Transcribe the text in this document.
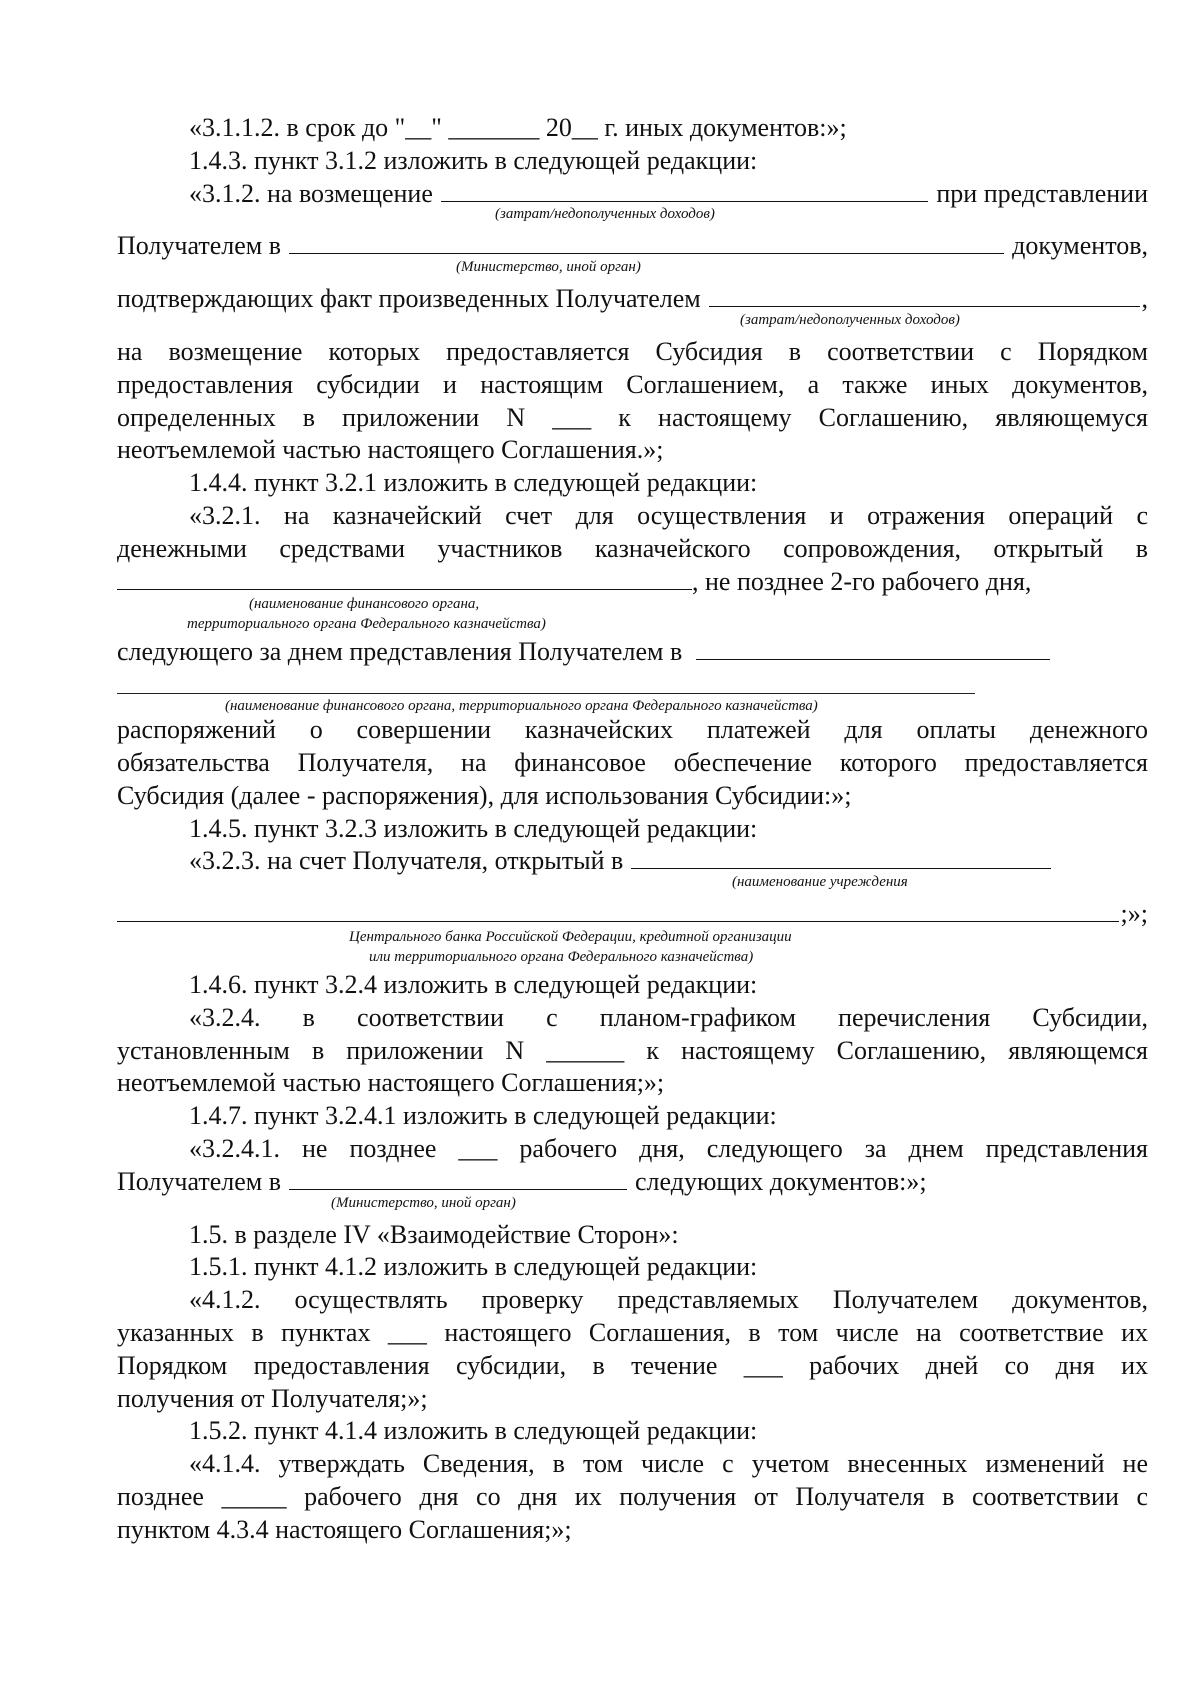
«3.1.1.2. в срок до "__" _______ 20__ г. иных документов:»;
1.4.3. пункт 3.1.2 изложить в следующей редакции:
«3.1.2. на возмещение	при представлении
(затрат/недополученных доходов)
Получателем в	документов,
(Министерство, иной орган)
подтверждающих факт произведенных Получателем	,
(затрат/недополученных доходов)
на возмещение которых предоставляется Субсидия в соответствии с Порядком
предоставления субсидии и настоящим Соглашением, а также иных документов,
определенных в приложении N ___ к настоящему Соглашению, являющемуся
неотъемлемой частью настоящего Соглашения.»;
1.4.4. пункт 3.2.1 изложить в следующей редакции:
«3.2.1. на казначейский счет для осуществления и отражения операций с
денежными средствами участников казначейского сопровождения, открытый в
, не позднее 2-го рабочего дня,
(наименование финансового органа,
территориального органа Федерального казначейства)
следующего за днем представления Получателем в
(наименование финансового органа, территориального органа Федерального казначейства)
распоряжений о совершении казначейских платежей для оплаты денежного
обязательства Получателя, на финансовое обеспечение которого предоставляется
Субсидия (далее - распоряжения), для использования Субсидии:»;
1.4.5. пункт 3.2.3 изложить в следующей редакции:
«3.2.3. на счет Получателя, открытый в
(наименование учреждения
;»;
Центрального банка Российской Федерации, кредитной организации
или территориального органа Федерального казначейства)
1.4.6. пункт 3.2.4 изложить в следующей редакции:
«3.2.4. в соответствии с планом-графиком перечисления Субсидии,
установленным в приложении N ______ к настоящему Соглашению, являющемся
неотъемлемой частью настоящего Соглашения;»;
1.4.7. пункт 3.2.4.1 изложить в следующей редакции:
«3.2.4.1. не позднее ___ рабочего дня, следующего за днем представления
Получателем в	следующих документов:»;
(Министерство, иной орган)
1.5. в разделе IV «Взаимодействие Сторон»:
1.5.1. пункт 4.1.2 изложить в следующей редакции:
«4.1.2. осуществлять проверку представляемых Получателем документов,
указанных в пунктах ___ настоящего Соглашения, в том числе на соответствие их
Порядком предоставления субсидии, в течение ___ рабочих дней со дня их
получения от Получателя;»;
1.5.2. пункт 4.1.4 изложить в следующей редакции:
«4.1.4. утверждать Сведения, в том числе с учетом внесенных изменений не
позднее _____ рабочего дня со дня их получения от Получателя в соответствии с
пунктом 4.3.4 настоящего Соглашения;»;
